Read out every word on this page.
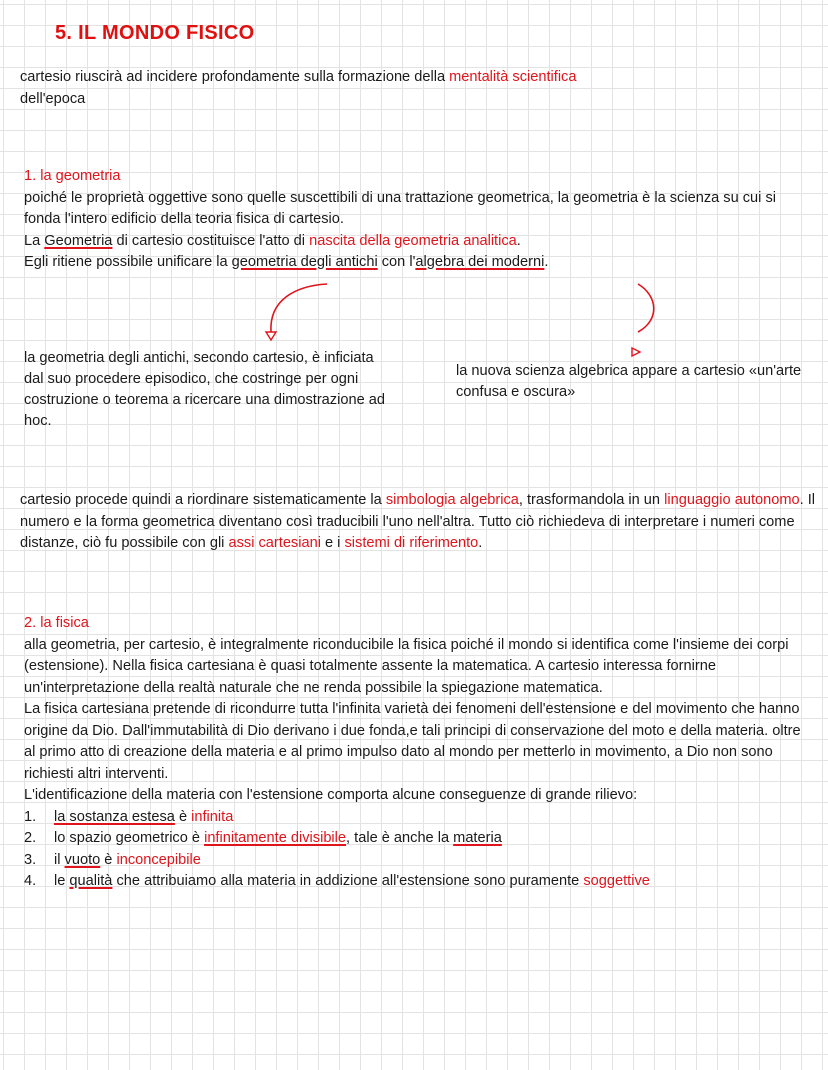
5. IL MONDO FISICO
cartesio riuscirà ad incidere profondamente sulla formazione della mentalità scientifica
dell'epoca
1. la geometria
poiché le proprietà oggettive sono quelle suscettibili di una trattazione geometrica, la geometria è la scienza su cui si fonda l'intero edificio della teoria fisica di cartesio.
La Geometria di cartesio costituisce l'atto di nascita della geometria analitica.
Egli ritiene possibile unificare la geometria degli antichi con l'algebra dei moderni.
la geometria degli antichi, secondo cartesio, è inficiata dal suo procedere episodico, che costringe per ogni costruzione o teorema a ricercare una dimostrazione ad hoc.
la nuova scienza algebrica appare a cartesio «un'arte confusa e oscura»
cartesio procede quindi a riordinare sistematicamente la simbologia algebrica, trasformandola in un linguaggio autonomo. Il numero e la forma geometrica diventano così traducibili l'uno nell'altra. Tutto ciò richiedeva di interpretare i numeri come distanze, ciò fu possibile con gli assi cartesiani e i sistemi di riferimento.
2. la fisica
alla geometria, per cartesio, è integralmente riconducibile la fisica poiché il mondo si identifica come l'insieme dei corpi (estensione). Nella fisica cartesiana è quasi totalmente assente la matematica. A cartesio interessa fornirne un'interpretazione della realtà naturale che ne renda possibile la spiegazione matematica.
La fisica cartesiana pretende di ricondurre tutta l'infinita varietà dei fenomeni dell'estensione e del movimento che hanno origine da Dio. Dall'immutabilità di Dio derivano i due fonda,e tali principi di conservazione del moto e della materia. oltre al primo atto di creazione della materia e al primo impulso dato al mondo per metterlo in movimento, a Dio non sono richiesti altri interventi.
L'identificazione della materia con l'estensione comporta alcune conseguenze di grande rilievo:
1. la sostanza estesa è infinita
2. lo spazio geometrico è infinitamente divisibile, tale è anche la materia
3. il vuoto è inconcepibile
4. le qualità che attribuiamo alla materia in addizione all'estensione sono puramente soggettive
